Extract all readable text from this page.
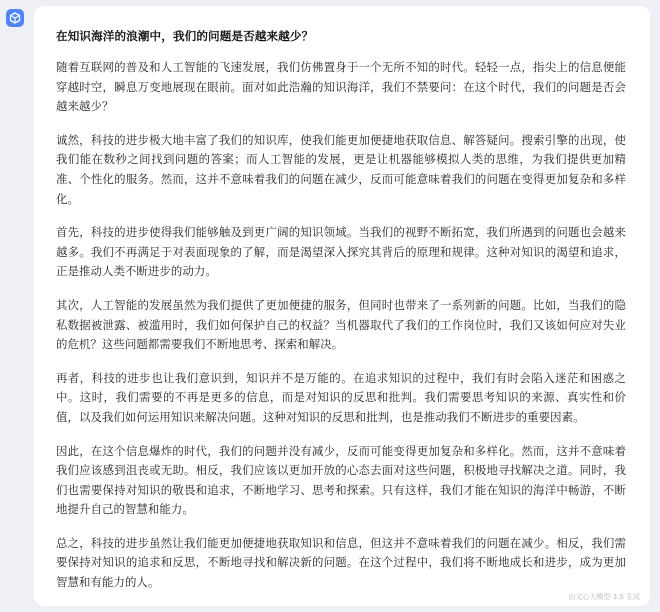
在知识海洋的浪潮中，我们的问题是否越来越少？

随着互联网的普及和人工智能的飞速发展，我们仿佛置身于一个无所不知的时代。轻轻一点，指尖上的信息便能穿越时空，瞬息万变地展现在眼前。面对如此浩瀚的知识海洋，我们不禁要问：在这个时代，我们的问题是否会越来越少？

诚然，科技的进步极大地丰富了我们的知识库，使我们能更加便捷地获取信息、解答疑问。搜索引擎的出现，使我们能在数秒之间找到问题的答案；而人工智能的发展，更是让机器能够模拟人类的思维，为我们提供更加精准、个性化的服务。然而，这并不意味着我们的问题在减少，反而可能意味着我们的问题在变得更加复杂和多样化。

首先，科技的进步使得我们能够触及到更广阔的知识领域。当我们的视野不断拓宽，我们所遇到的问题也会越来越多。我们不再满足于对表面现象的了解，而是渴望深入探究其背后的原理和规律。这种对知识的渴望和追求，正是推动人类不断进步的动力。

其次，人工智能的发展虽然为我们提供了更加便捷的服务，但同时也带来了一系列新的问题。比如，当我们的隐私数据被泄露、被滥用时，我们如何保护自己的权益？当机器取代了我们的工作岗位时，我们又该如何应对失业的危机？这些问题都需要我们不断地思考、探索和解决。

再者，科技的进步也让我们意识到，知识并不是万能的。在追求知识的过程中，我们有时会陷入迷茫和困惑之中。这时，我们需要的不再是更多的信息，而是对知识的反思和批判。我们需要思考知识的来源、真实性和价值，以及我们如何运用知识来解决问题。这种对知识的反思和批判，也是推动我们不断进步的重要因素。

因此，在这个信息爆炸的时代，我们的问题并没有减少，反而可能变得更加复杂和多样化。然而，这并不意味着我们应该感到沮丧或无助。相反，我们应该以更加开放的心态去面对这些问题，积极地寻找解决之道。同时，我们也需要保持对知识的敬畏和追求，不断地学习、思考和探索。只有这样，我们才能在知识的海洋中畅游，不断地提升自己的智慧和能力。

总之，科技的进步虽然让我们能更加便捷地获取知识和信息，但这并不意味着我们的问题在减少。相反，我们需要保持对知识的追求和反思，不断地寻找和解决新的问题。在这个过程中，我们将不断地成长和进步，成为更加智慧和有能力的人。

由文心大模型 3.5 生成
